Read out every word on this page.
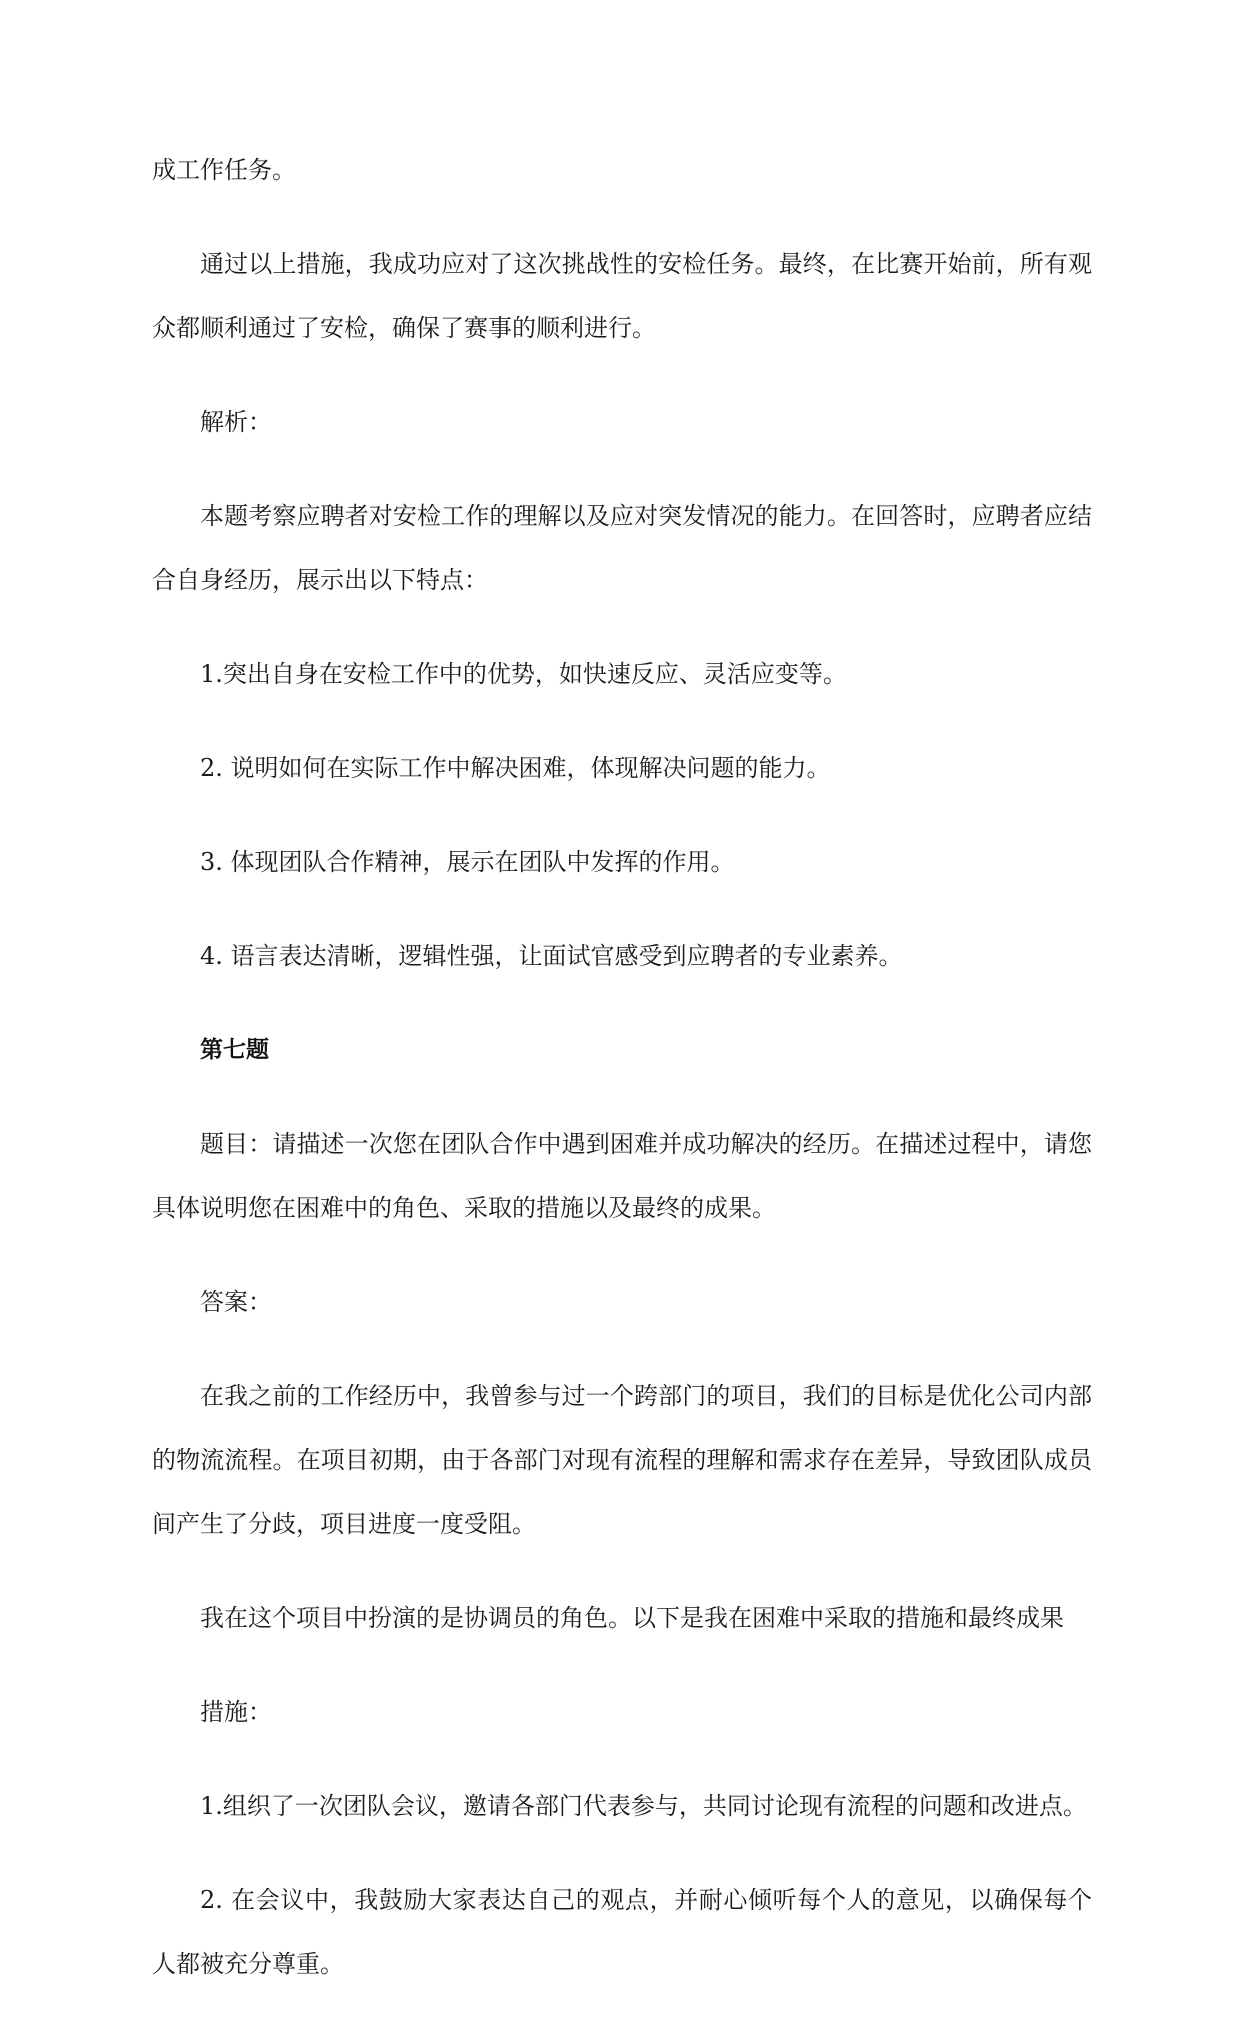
成工作任务。

通过以上措施，我成功应对了这次挑战性的安检任务。最终，在比赛开始前，所有观众都顺利通过了安检，确保了赛事的顺利进行。

解析：

本题考察应聘者对安检工作的理解以及应对突发情况的能力。在回答时，应聘者应结合自身经历，展示出以下特点：

1.突出自身在安检工作中的优势，如快速反应、灵活应变等。

2. 说明如何在实际工作中解决困难，体现解决问题的能力。

3. 体现团队合作精神，展示在团队中发挥的作用。

4. 语言表达清晰，逻辑性强，让面试官感受到应聘者的专业素养。

第七题

题目：请描述一次您在团队合作中遇到困难并成功解决的经历。在描述过程中，请您具体说明您在困难中的角色、采取的措施以及最终的成果。

答案：

在我之前的工作经历中，我曾参与过一个跨部门的项目，我们的目标是优化公司内部的物流流程。在项目初期，由于各部门对现有流程的理解和需求存在差异，导致团队成员间产生了分歧，项目进度一度受阻。

我在这个项目中扮演的是协调员的角色。以下是我在困难中采取的措施和最终成果

措施：

1.组织了一次团队会议，邀请各部门代表参与，共同讨论现有流程的问题和改进点。

2. 在会议中，我鼓励大家表达自己的观点，并耐心倾听每个人的意见，以确保每个人都被充分尊重。
